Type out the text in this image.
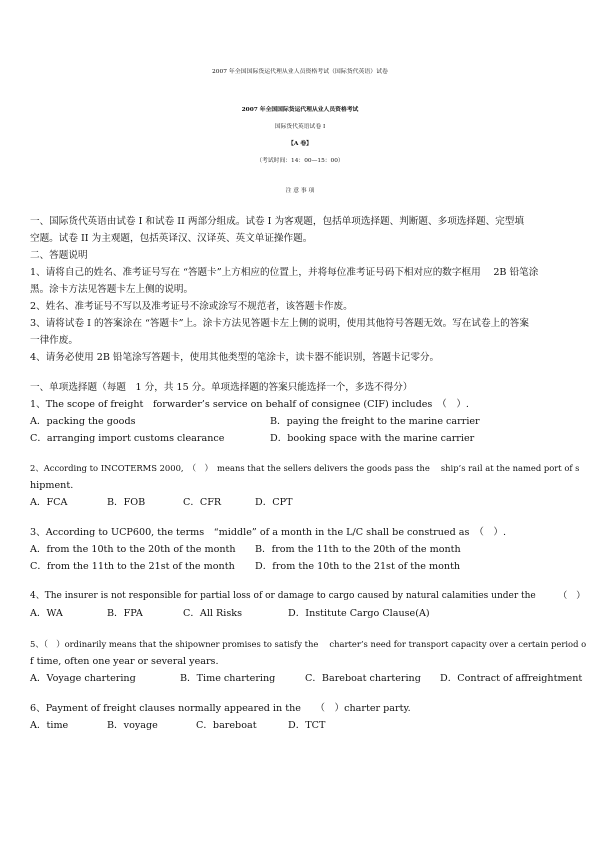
2007 年全国国际货运代理从业人员资格考试（国际货代英语）试卷
2007 年全国国际货运代理从业人员资格考试
国际货代英语试卷 I
【A 卷】
（考试时间：14：00—15：00）
注 意 事 项
一、国际货代英语由试卷 I 和试卷 II 两部分组成。试卷 I 为客观题，包括单项选择题、判断题、多项选择题、完型填
空题。试卷 II 为主观题，包括英译汉、汉译英、英文单证操作题。
二、答题说明
1、请将自己的姓名、准考证号写在 “答题卡”上方相应的位置上，并将每位准考证号码下相对应的数字框用　 2B 铅笔涂
黑。涂卡方法见答题卡左上侧的说明。
2、姓名、准考证号不写以及准考证号不涂或涂写不规范者，该答题卡作废。
3、请将试卷 I 的答案涂在 “答题卡”上。涂卡方法见答题卡左上侧的说明，使用其他符号答题无效。写在试卷上的答案
一律作废。
4、请务必使用 2B 铅笔涂写答题卡，使用其他类型的笔涂卡，读卡器不能识别，答题卡记零分。
一、单项选择题（每题　1 分，共 15 分。单项选择题的答案只能选择一个，多选不得分）
1、The scope of freight　forwarder’s service on behalf of consignee (CIF) includes　（　）.
A．packing the goods	B．paying the freight to the marine carrier
C．arranging import customs clearance	D．booking space with the marine carrier
2、According to INCOTERMS 2000,　（　）　means that the sellers delivers the goods pass the　 ship’s rail at the named port of s
hipment.
A．FCA	B．FOB	C．CFR	D．CPT
3、According to UCP600, the terms　“middle” of a month in the L/C shall be construed as　（　）.
A．from the 10th to the 20th of the month B．from the 11th to the 20th of the month
C．from the 11th to the 21st of the month D．from the 10th to the 21st of the month
4、The insurer is not responsible for partial loss of or damage to cargo caused by natural calamities under the　　　（　）
A．WA	B．FPA	C．All Risks	D．Institute Cargo Clause(A)
5、（　）ordinarily means that the shipowner promises to satisfy the　 charter’s need for transport capacity over a certain period o
f time, often one year or several years.
A．Voyage chartering	B．Time chartering	C．Bareboat chartering D．Contract of affreightment
6、Payment of freight clauses normally appeared in the　　（　）charter party.
A．time	B．voyage	C．bareboat	D．TCT
